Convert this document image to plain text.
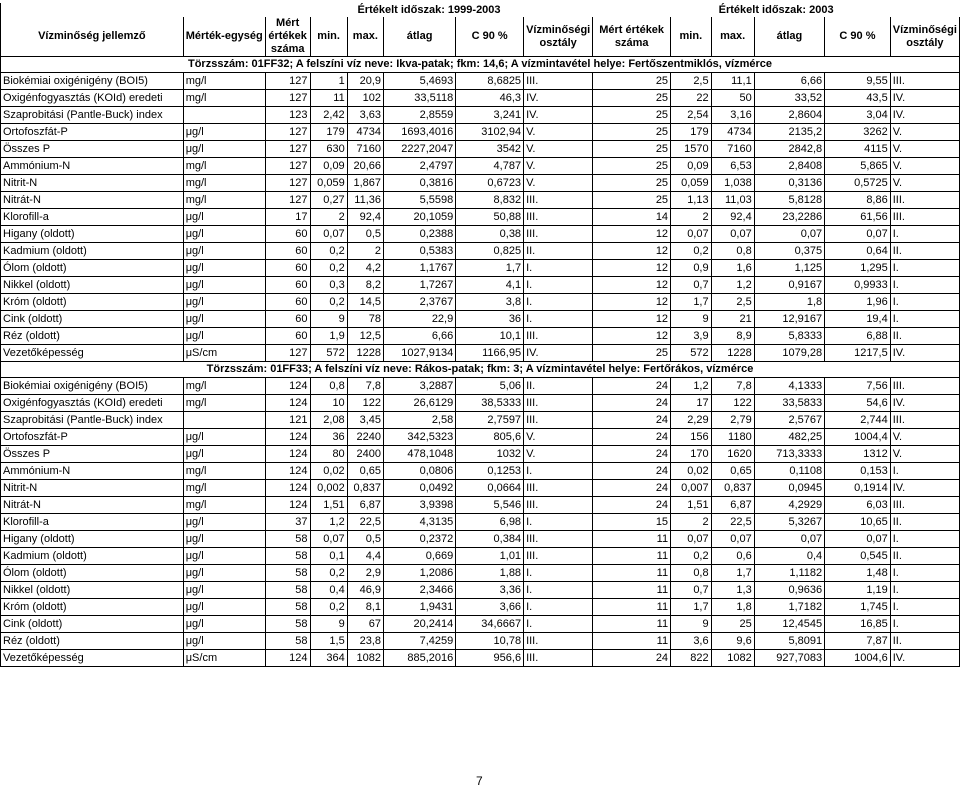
		Értékelt időszak: 1999-2003						Értékelt időszak: 2003					
Vízminőség jellemző	Mérték-egység	Mért értékek száma	min.	max.	átlag	C 90 %	Vízminőségi osztály	Mért értékek száma	min.	max.	átlag	C 90 %	Vízminőségi osztály
Törzsszám: 01FF32; A felszíni víz neve: Ikva-patak; fkm: 14,6; A vízmintavétel helye: Fertőszentmiklós, vízmérce													
Biokémiai oxigénigény (BOI5)	mg/l	127	1	20,9	5,4693	8,6825	III.	25	2,5	11,1	6,66	9,55	III.
Oxigénfogyasztás (KOId) eredeti	mg/l	127	11	102	33,5118	46,3	IV.	25	22	50	33,52	43,5	IV.
Szaprobitási (Pantle-Buck) index		123	2,42	3,63	2,8559	3,241	IV.	25	2,54	3,16	2,8604	3,04	IV.
Ortofoszfát-P	μg/l	127	179	4734	1693,4016	3102,94	V.	25	179	4734	2135,2	3262	V.
Összes P	μg/l	127	630	7160	2227,2047	3542	V.	25	1570	7160	2842,8	4115	V.
Ammónium-N	mg/l	127	0,09	20,66	2,4797	4,787	V.	25	0,09	6,53	2,8408	5,865	V.
Nitrit-N	mg/l	127	0,059	1,867	0,3816	0,6723	V.	25	0,059	1,038	0,3136	0,5725	V.
Nitrát-N	mg/l	127	0,27	11,36	5,5598	8,832	III.	25	1,13	11,03	5,8128	8,86	III.
Klorofill-a	μg/l	17	2	92,4	20,1059	50,88	III.	14	2	92,4	23,2286	61,56	III.
Higany (oldott)	μg/l	60	0,07	0,5	0,2388	0,38	III.	12	0,07	0,07	0,07	0,07	I.
Kadmium (oldott)	μg/l	60	0,2	2	0,5383	0,825	II.	12	0,2	0,8	0,375	0,64	II.
Ólom (oldott)	μg/l	60	0,2	4,2	1,1767	1,7	I.	12	0,9	1,6	1,125	1,295	I.
Nikkel (oldott)	μg/l	60	0,3	8,2	1,7267	4,1	I.	12	0,7	1,2	0,9167	0,9933	I.
Króm (oldott)	μg/l	60	0,2	14,5	2,3767	3,8	I.	12	1,7	2,5	1,8	1,96	I.
Cink (oldott)	μg/l	60	9	78	22,9	36	I.	12	9	21	12,9167	19,4	I.
Réz (oldott)	μg/l	60	1,9	12,5	6,66	10,1	III.	12	3,9	8,9	5,8333	6,88	II.
Vezetőképesség	μS/cm	127	572	1228	1027,9134	1166,95	IV.	25	572	1228	1079,28	1217,5	IV.
Törzsszám: 01FF33; A felszíni víz neve: Rákos-patak; fkm: 3; A vízmintavétel helye: Fertőrákos, vízmérce													
Biokémiai oxigénigény (BOI5)	mg/l	124	0,8	7,8	3,2887	5,06	II.	24	1,2	7,8	4,1333	7,56	III.
Oxigénfogyasztás (KOId) eredeti	mg/l	124	10	122	26,6129	38,5333	III.	24	17	122	33,5833	54,6	IV.
Szaprobitási (Pantle-Buck) index		121	2,08	3,45	2,58	2,7597	III.	24	2,29	2,79	2,5767	2,744	III.
Ortofoszfát-P	μg/l	124	36	2240	342,5323	805,6	V.	24	156	1180	482,25	1004,4	V.
Összes P	μg/l	124	80	2400	478,1048	1032	V.	24	170	1620	713,3333	1312	V.
Ammónium-N	mg/l	124	0,02	0,65	0,0806	0,1253	I.	24	0,02	0,65	0,1108	0,153	I.
Nitrit-N	mg/l	124	0,002	0,837	0,0492	0,0664	III.	24	0,007	0,837	0,0945	0,1914	IV.
Nitrát-N	mg/l	124	1,51	6,87	3,9398	5,546	III.	24	1,51	6,87	4,2929	6,03	III.
Klorofill-a	μg/l	37	1,2	22,5	4,3135	6,98	I.	15	2	22,5	5,3267	10,65	II.
Higany (oldott)	μg/l	58	0,07	0,5	0,2372	0,384	III.	11	0,07	0,07	0,07	0,07	I.
Kadmium (oldott)	μg/l	58	0,1	4,4	0,669	1,01	III.	11	0,2	0,6	0,4	0,545	II.
Ólom (oldott)	μg/l	58	0,2	2,9	1,2086	1,88	I.	11	0,8	1,7	1,1182	1,48	I.
Nikkel (oldott)	μg/l	58	0,4	46,9	2,3466	3,36	I.	11	0,7	1,3	0,9636	1,19	I.
Króm (oldott)	μg/l	58	0,2	8,1	1,9431	3,66	I.	11	1,7	1,8	1,7182	1,745	I.
Cink (oldott)	μg/l	58	9	67	20,2414	34,6667	I.	11	9	25	12,4545	16,85	I.
Réz (oldott)	μg/l	58	1,5	23,8	7,4259	10,78	III.	11	3,6	9,6	5,8091	7,87	II.
Vezetőképesség	μS/cm	124	364	1082	885,2016	956,6	III.	24	822	1082	927,7083	1004,6	IV.
7
